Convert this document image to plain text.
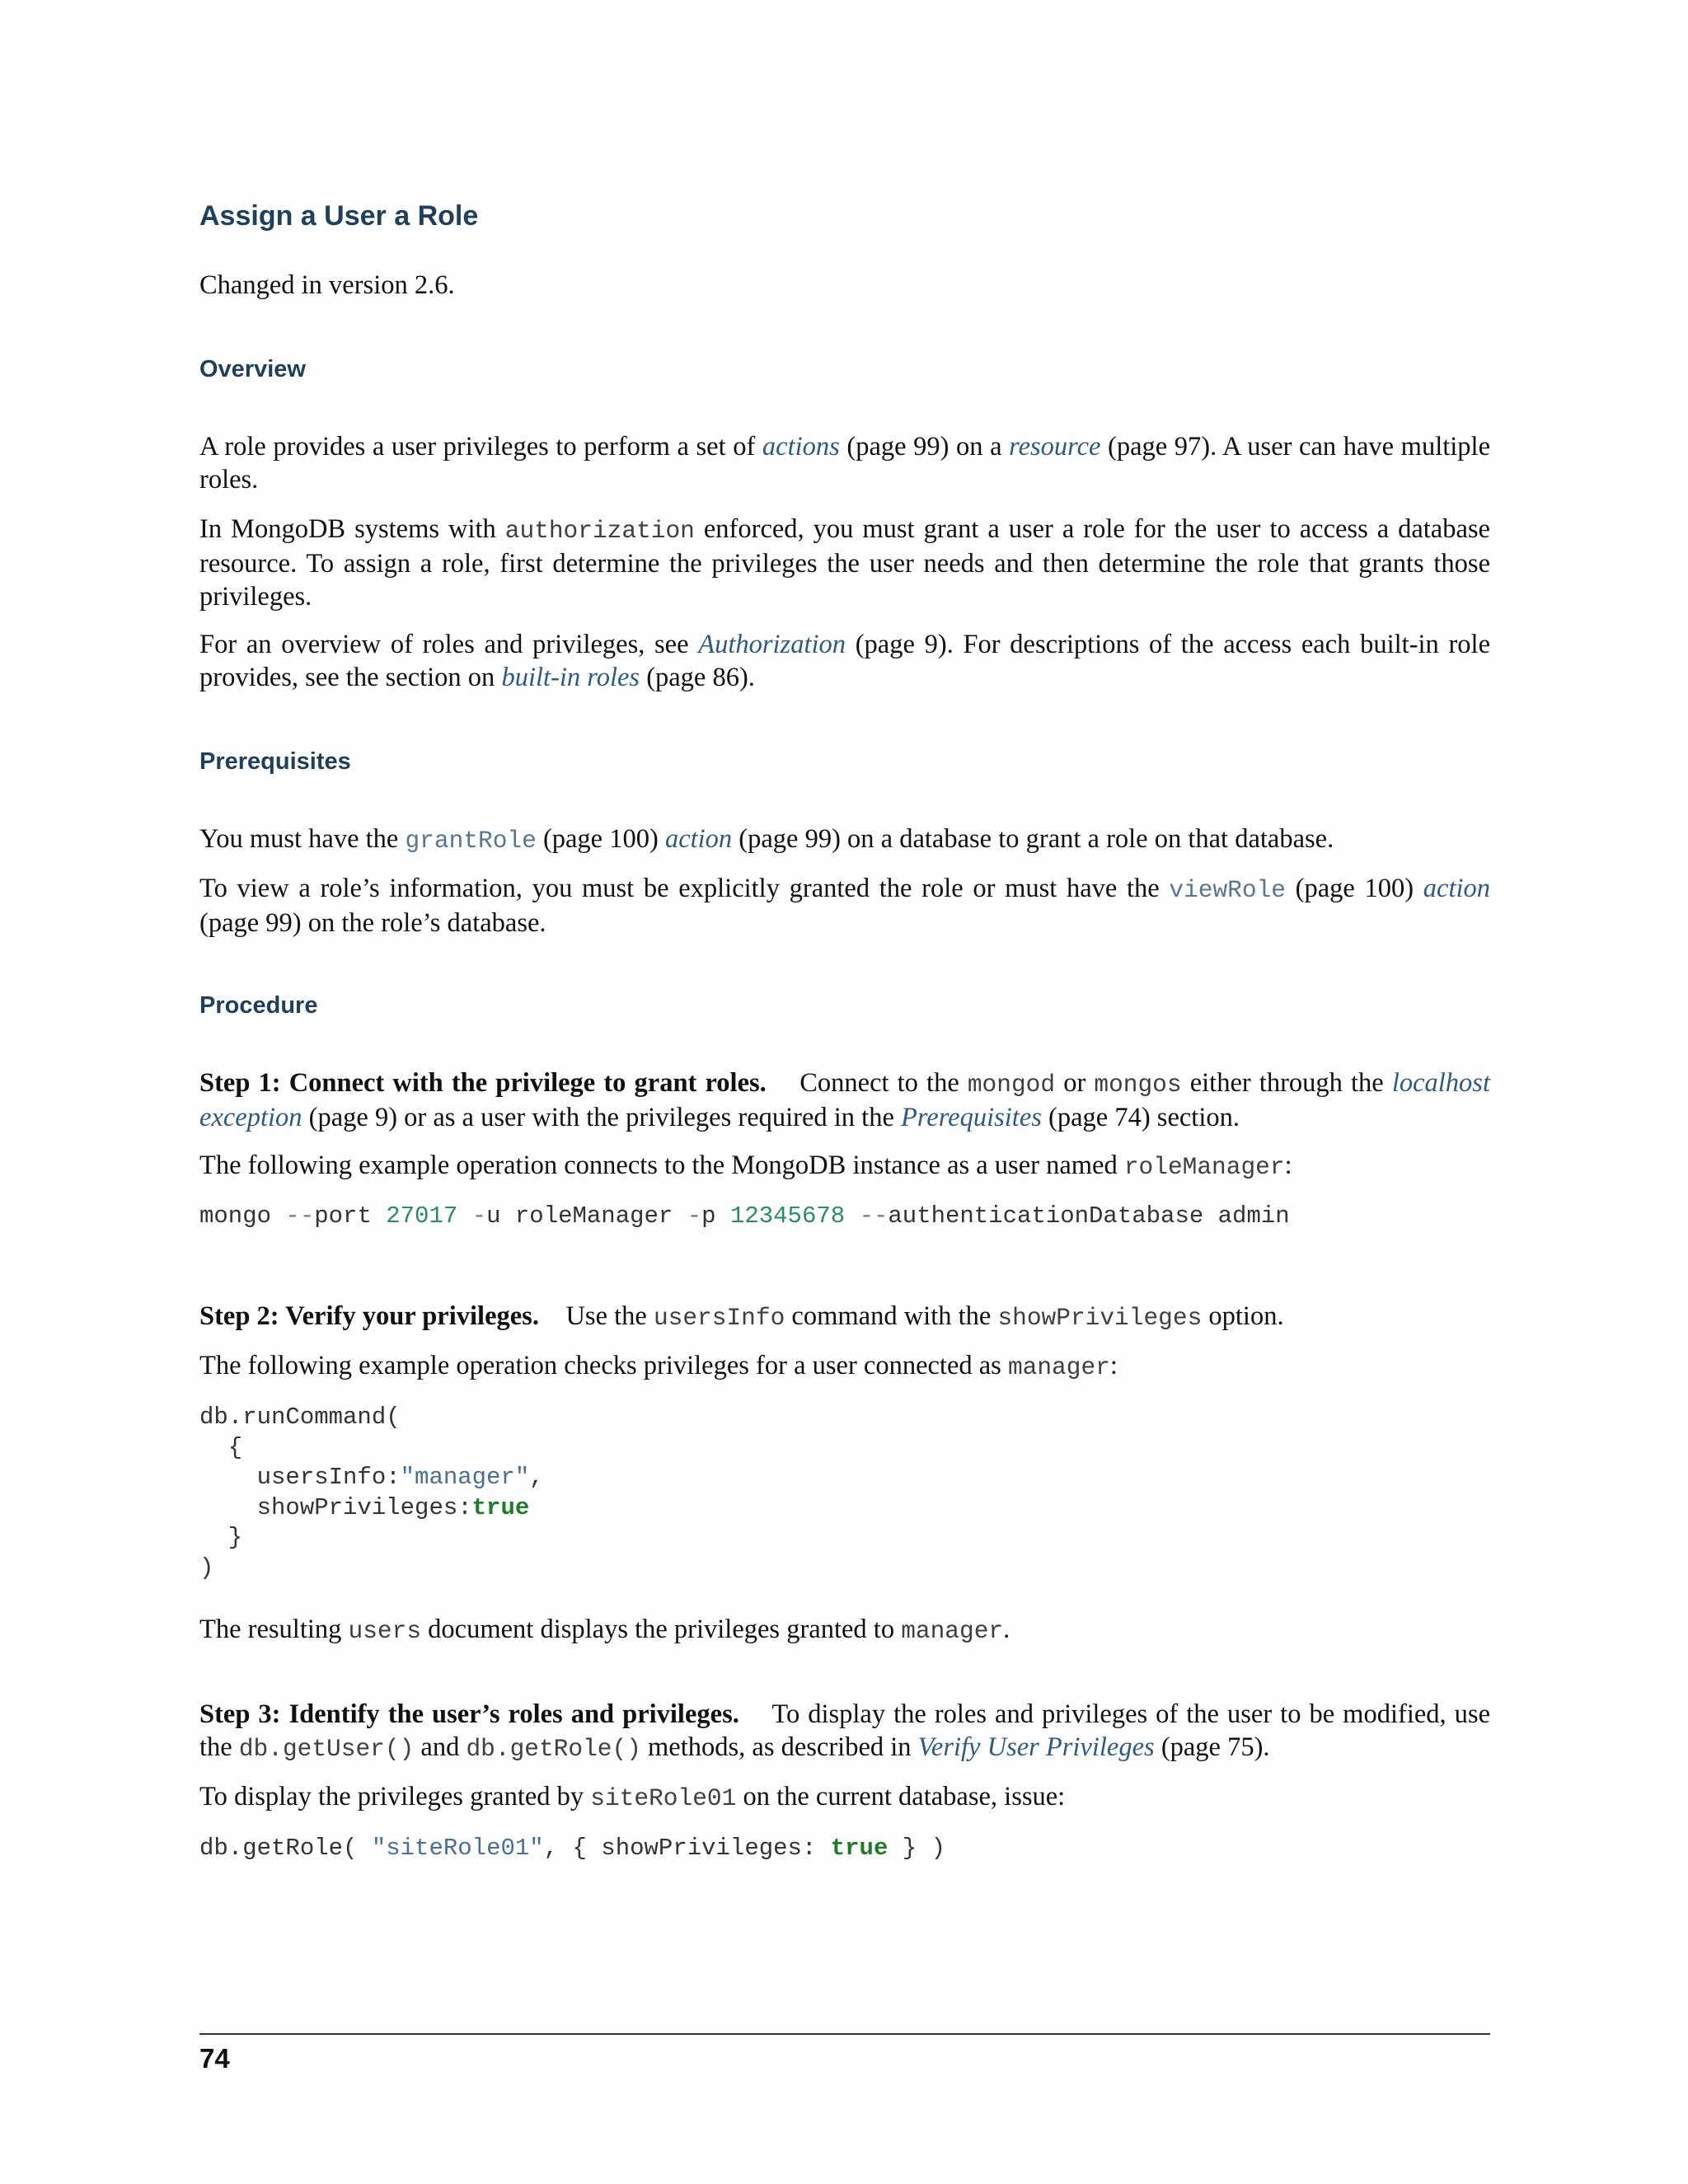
Assign a User a Role

Changed in version 2.6.

Overview

A role provides a user privileges to perform a set of actions (page 99) on a resource (page 97). A user can have multiple roles.

In MongoDB systems with authorization enforced, you must grant a user a role for the user to access a database resource. To assign a role, first determine the privileges the user needs and then determine the role that grants those privileges.

For an overview of roles and privileges, see Authorization (page 9). For descriptions of the access each built-in role provides, see the section on built-in roles (page 86).

Prerequisites

You must have the grantRole (page 100) action (page 99) on a database to grant a role on that database.

To view a role’s information, you must be explicitly granted the role or must have the viewRole (page 100) action (page 99) on the role’s database.

Procedure

Step 1: Connect with the privilege to grant roles. Connect to the mongod or mongos either through the localhost exception (page 9) or as a user with the privileges required in the Prerequisites (page 74) section.

The following example operation connects to the MongoDB instance as a user named roleManager:

mongo --port 27017 -u roleManager -p 12345678 --authenticationDatabase admin

Step 2: Verify your privileges. Use the usersInfo command with the showPrivileges option.

The following example operation checks privileges for a user connected as manager:

db.runCommand(
{
usersInfo:"manager",
showPrivileges:true
}
)

The resulting users document displays the privileges granted to manager.

Step 3: Identify the user’s roles and privileges. To display the roles and privileges of the user to be modified, use the db.getUser() and db.getRole() methods, as described in Verify User Privileges (page 75).

To display the privileges granted by siteRole01 on the current database, issue:

db.getRole( "siteRole01", { showPrivileges: true } )
74
